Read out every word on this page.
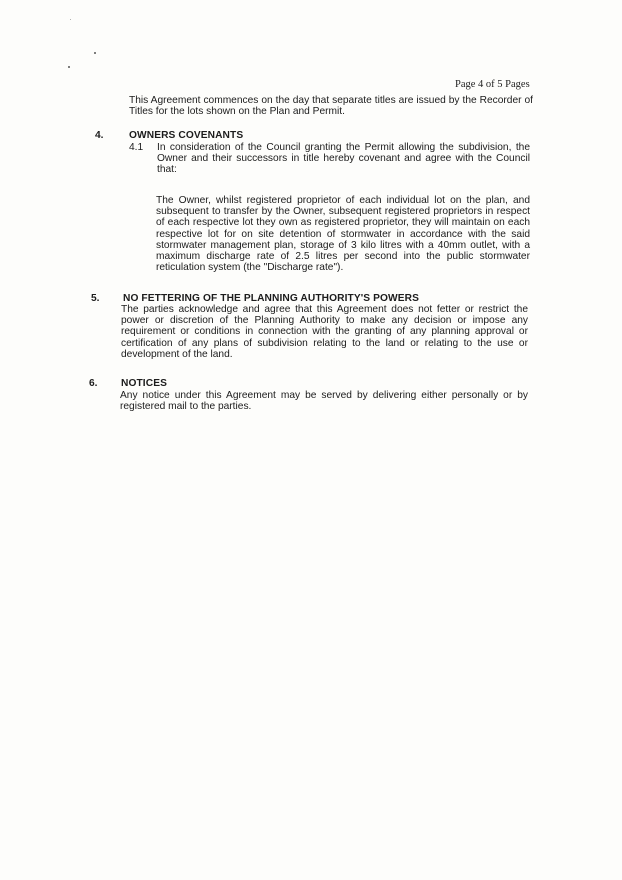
Page 4 of 5 Pages
This Agreement commences on the day that separate titles are issued by the Recorder of Titles for the lots shown on the Plan and Permit.
4.	OWNERS COVENANTS
4.1 In consideration of the Council granting the Permit allowing the subdivision, the Owner and their successors in title hereby covenant and agree with the Council that:
The Owner, whilst registered proprietor of each individual lot on the plan, and subsequent to transfer by the Owner, subsequent registered proprietors in respect of each respective lot they own as registered proprietor, they will maintain on each respective lot for on site detention of stormwater in accordance with the said stormwater management plan, storage of 3 kilo litres with a 40mm outlet, with a maximum discharge rate of 2.5 litres per second into the public stormwater reticulation system (the "Discharge rate").
5. NO FETTERING OF THE PLANNING AUTHORITY'S POWERS
The parties acknowledge and agree that this Agreement does not fetter or restrict the power or discretion of the Planning Authority to make any decision or impose any requirement or conditions in connection with the granting of any planning approval or certification of any plans of subdivision relating to the land or relating to the use or development of the land.
6. NOTICES
Any notice under this Agreement may be served by delivering either personally or by registered mail to the parties.
